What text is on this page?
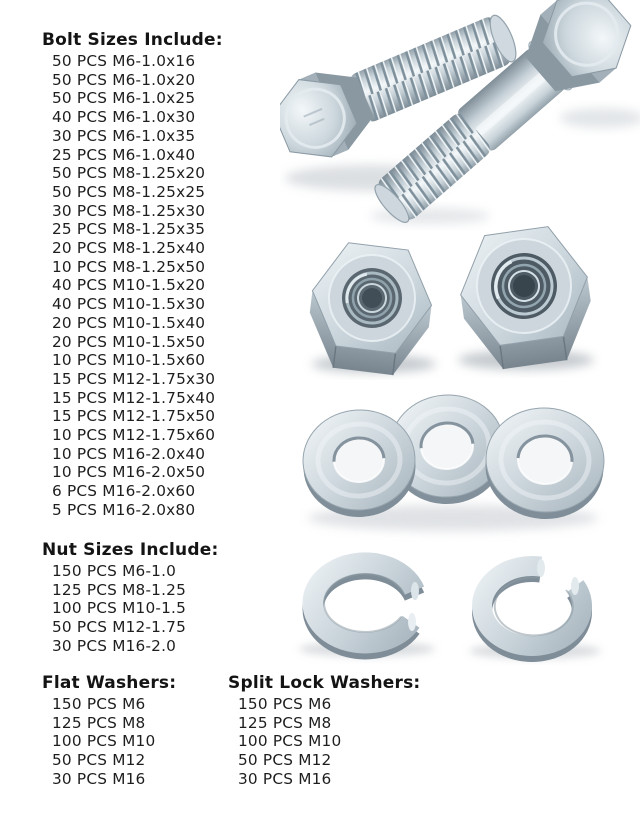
Bolt Sizes Include:
50 PCS M6-1.0x16
50 PCS M6-1.0x20
50 PCS M6-1.0x25
40 PCS M6-1.0x30
30 PCS M6-1.0x35
25 PCS M6-1.0x40
50 PCS M8-1.25x20
50 PCS M8-1.25x25
30 PCS M8-1.25x30
25 PCS M8-1.25x35
20 PCS M8-1.25x40
10 PCS M8-1.25x50
40 PCS M10-1.5x20
40 PCS M10-1.5x30
20 PCS M10-1.5x40
20 PCS M10-1.5x50
10 PCS M10-1.5x60
15 PCS M12-1.75x30
15 PCS M12-1.75x40
15 PCS M12-1.75x50
10 PCS M12-1.75x60
10 PCS M16-2.0x40
10 PCS M16-2.0x50
6 PCS M16-2.0x60
5 PCS M16-2.0x80
Nut Sizes Include:
150 PCS M6-1.0
125 PCS M8-1.25
100 PCS M10-1.5
50 PCS M12-1.75
30 PCS M16-2.0
Flat Washers:
150 PCS M6
125 PCS M8
100 PCS M10
50 PCS M12
30 PCS M16
Split Lock Washers:
150 PCS M6
125 PCS M8
100 PCS M10
50 PCS M12
30 PCS M16
